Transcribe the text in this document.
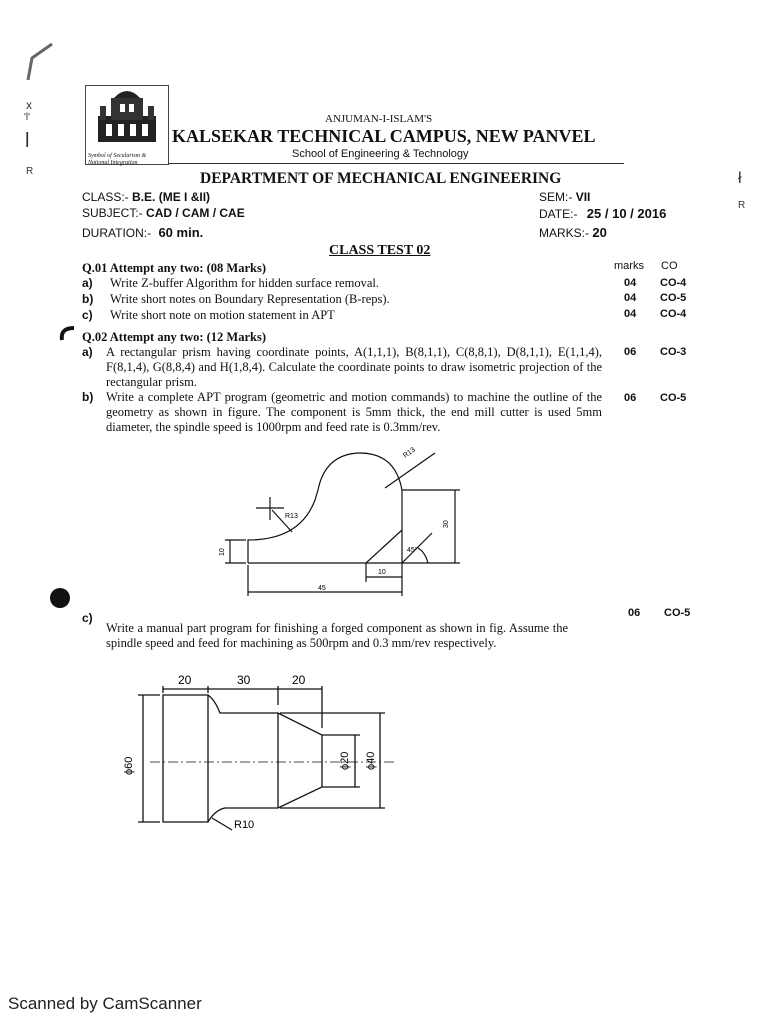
х
'l'
l
R
R
ł
Symbol of Secularism & National Integration
ANJUMAN-I-ISLAM'S
KALSEKAR TECHNICAL CAMPUS, NEW PANVEL
School of Engineering & Technology
DEPARTMENT OF MECHANICAL ENGINEERING
CLASS:- B.E. (ME I &II)
SUBJECT:- CAD / CAM / CAE
DURATION:- 60 min.
SEM:- VII
DATE:- 25 / 10 / 2016
MARKS:- 20
CLASS TEST 02
marks CO
Q.01 Attempt any two: (08 Marks)
a) Write Z-buffer Algorithm for hidden surface removal.	04 CO-4
b) Write short notes on Boundary Representation (B-reps).	04 CO-5
c) Write short note on motion statement in APT	04 CO-4
Q.02 Attempt any two: (12 Marks)
a) A rectangular prism having coordinate points, A(1,1,1), B(8,1,1), C(8,8,1), D(8,1,1), E(1,1,4), F(8,1,4), G(8,8,4) and H(1,8,4). Calculate the coordinate points to draw isometric projection of the rectangular prism.
06 CO-3
b) Write a complete APT program (geometric and motion commands) to machine the outline of the geometry as shown in figure. The component is 5mm thick, the end mill cutter is used 5mm diameter, the spindle speed is 1000rpm and feed rate is 0.3mm/rev.
06 CO-5
R13
R13
30
10	45°
10
45
c)
Write a manual part program for finishing a forged component as shown in fig. Assume the spindle speed and feed for machining as 500rpm and 0.3 mm/rev respectively.
06 CO-5
20	30	20
ϕ60	ϕ20 ϕ40
R10
Scanned by CamScanner
